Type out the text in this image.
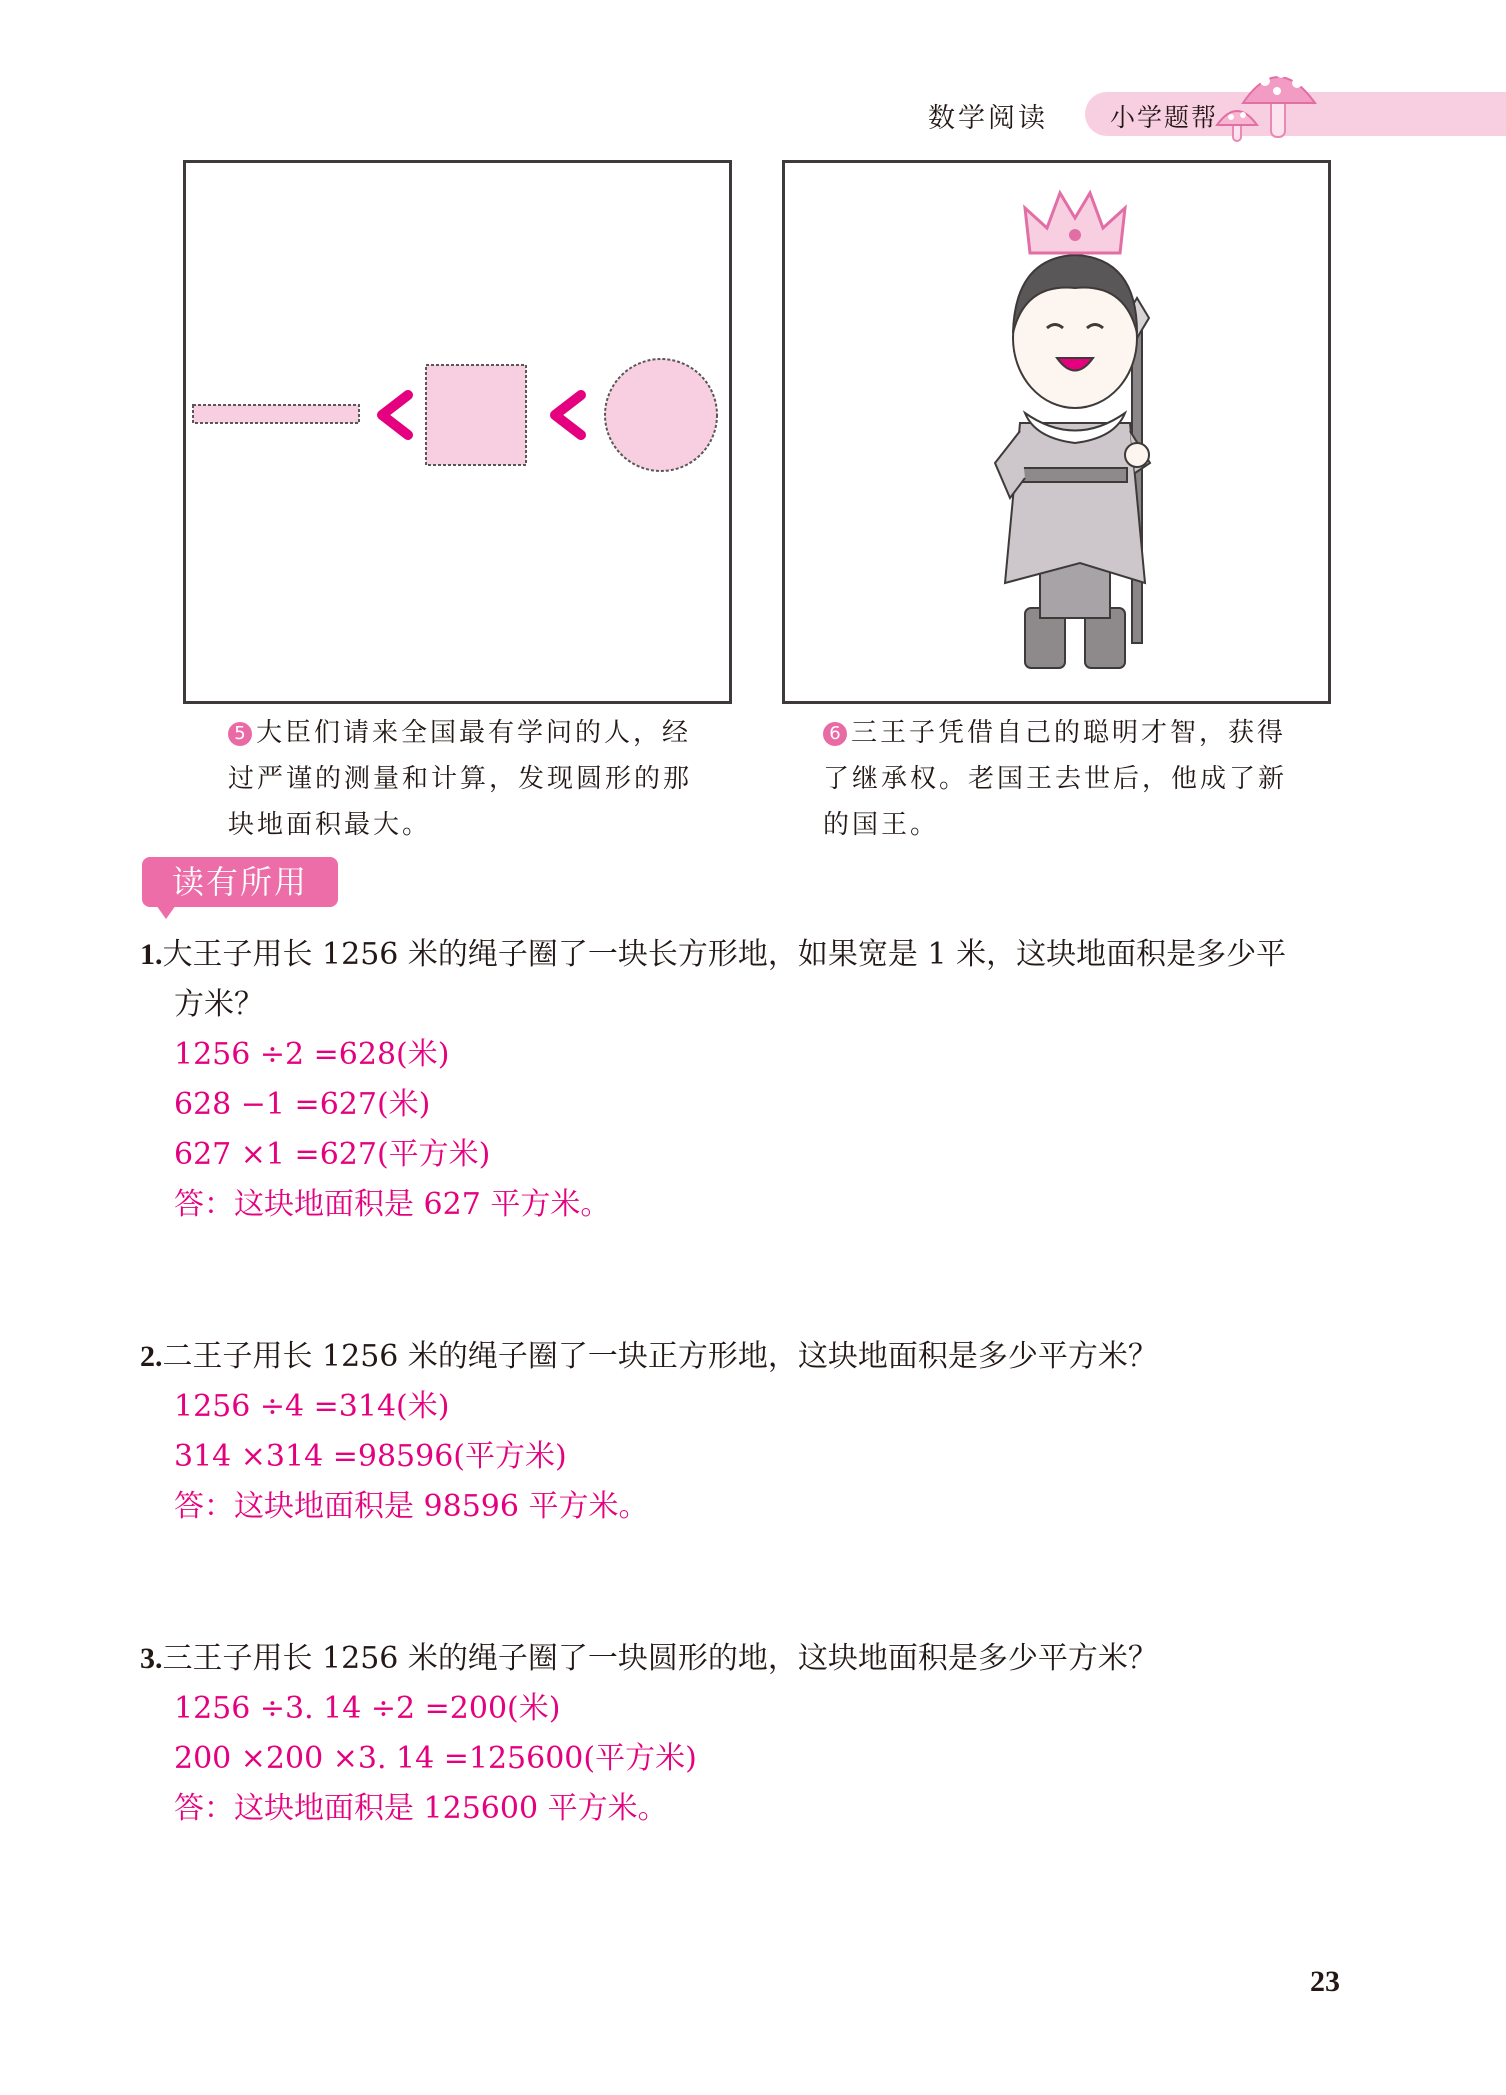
数学阅读 小学题帮
5 大臣们请来全国最有学问的人，经过严谨的测量和计算，发现圆形的那块地面积最大。
6 三王子凭借自己的聪明才智，获得了继承权。老国王去世后，他成了新的国王。
读有所用
1.大王子用长 1256 米的绳子圈了一块长方形地，如果宽是 1 米，这块地面积是多少平
方米？
1256 ÷2 =628(米)
628 −1 =627(米)
627 ×1 =627(平方米)
答：这块地面积是 627 平方米。
2.二王子用长 1256 米的绳子圈了一块正方形地，这块地面积是多少平方米？
1256 ÷4 =314(米)
314 ×314 =98596(平方米)
答：这块地面积是 98596 平方米。
3.三王子用长 1256 米的绳子圈了一块圆形的地，这块地面积是多少平方米？
1256 ÷3. 14 ÷2 =200(米)
200 ×200 ×3. 14 =125600(平方米)
答：这块地面积是 125600 平方米。
23
